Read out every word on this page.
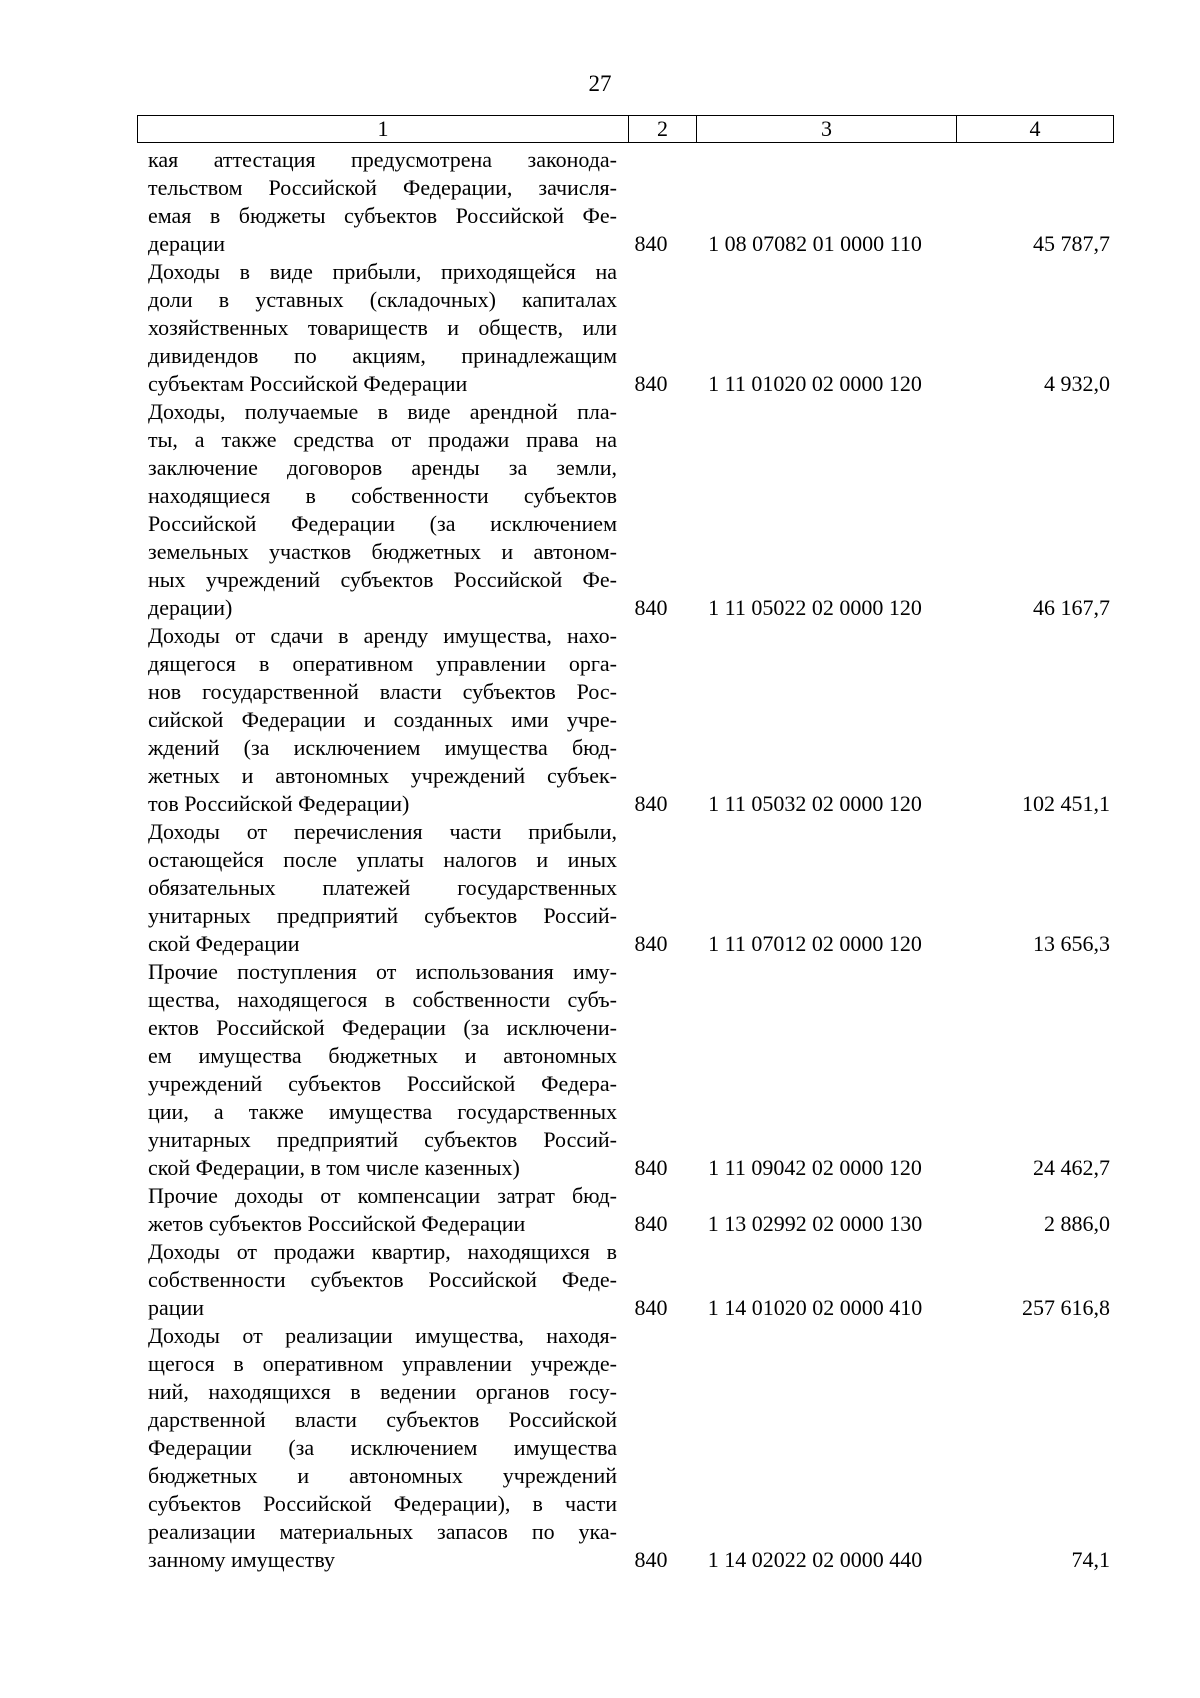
27
1	2	3	4
кая аттестация предусмотрена законода-
тельством Российской Федерации, зачисля-
емая в бюджеты субъектов Российской Фе-
дерации	840	1 08 07082 01 0000 110	45 787,7
Доходы в виде прибыли, приходящейся на
доли в уставных (складочных) капиталах
хозяйственных товариществ и обществ, или
дивидендов по акциям, принадлежащим
субъектам Российской Федерации	840	1 11 01020 02 0000 120	4 932,0
Доходы, получаемые в виде арендной пла-
ты, а также средства от продажи права на
заключение договоров аренды за земли,
находящиеся в собственности субъектов
Российской Федерации (за исключением
земельных участков бюджетных и автоном-
ных учреждений субъектов Российской Фе-
дерации)	840	1 11 05022 02 0000 120	46 167,7
Доходы от сдачи в аренду имущества, нахо-
дящегося в оперативном управлении орга-
нов государственной власти субъектов Рос-
сийской Федерации и созданных ими учре-
ждений (за исключением имущества бюд-
жетных и автономных учреждений субъек-
тов Российской Федерации)	840	1 11 05032 02 0000 120	102 451,1
Доходы от перечисления части прибыли,
остающейся после уплаты налогов и иных
обязательных платежей государственных
унитарных предприятий субъектов Россий-
ской Федерации	840	1 11 07012 02 0000 120	13 656,3
Прочие поступления от использования иму-
щества, находящегося в собственности субъ-
ектов Российской Федерации (за исключени-
ем имущества бюджетных и автономных
учреждений субъектов Российской Федера-
ции, а также имущества государственных
унитарных предприятий субъектов Россий-
ской Федерации, в том числе казенных)	840	1 11 09042 02 0000 120	24 462,7
Прочие доходы от компенсации затрат бюд-
жетов субъектов Российской Федерации	840	1 13 02992 02 0000 130	2 886,0
Доходы от продажи квартир, находящихся в
собственности субъектов Российской Феде-
рации	840	1 14 01020 02 0000 410	257 616,8
Доходы от реализации имущества, находя-
щегося в оперативном управлении учрежде-
ний, находящихся в ведении органов госу-
дарственной власти субъектов Российской
Федерации (за исключением имущества
бюджетных и автономных учреждений
субъектов Российской Федерации), в части
реализации материальных запасов по ука-
занному имуществу	840	1 14 02022 02 0000 440	74,1
